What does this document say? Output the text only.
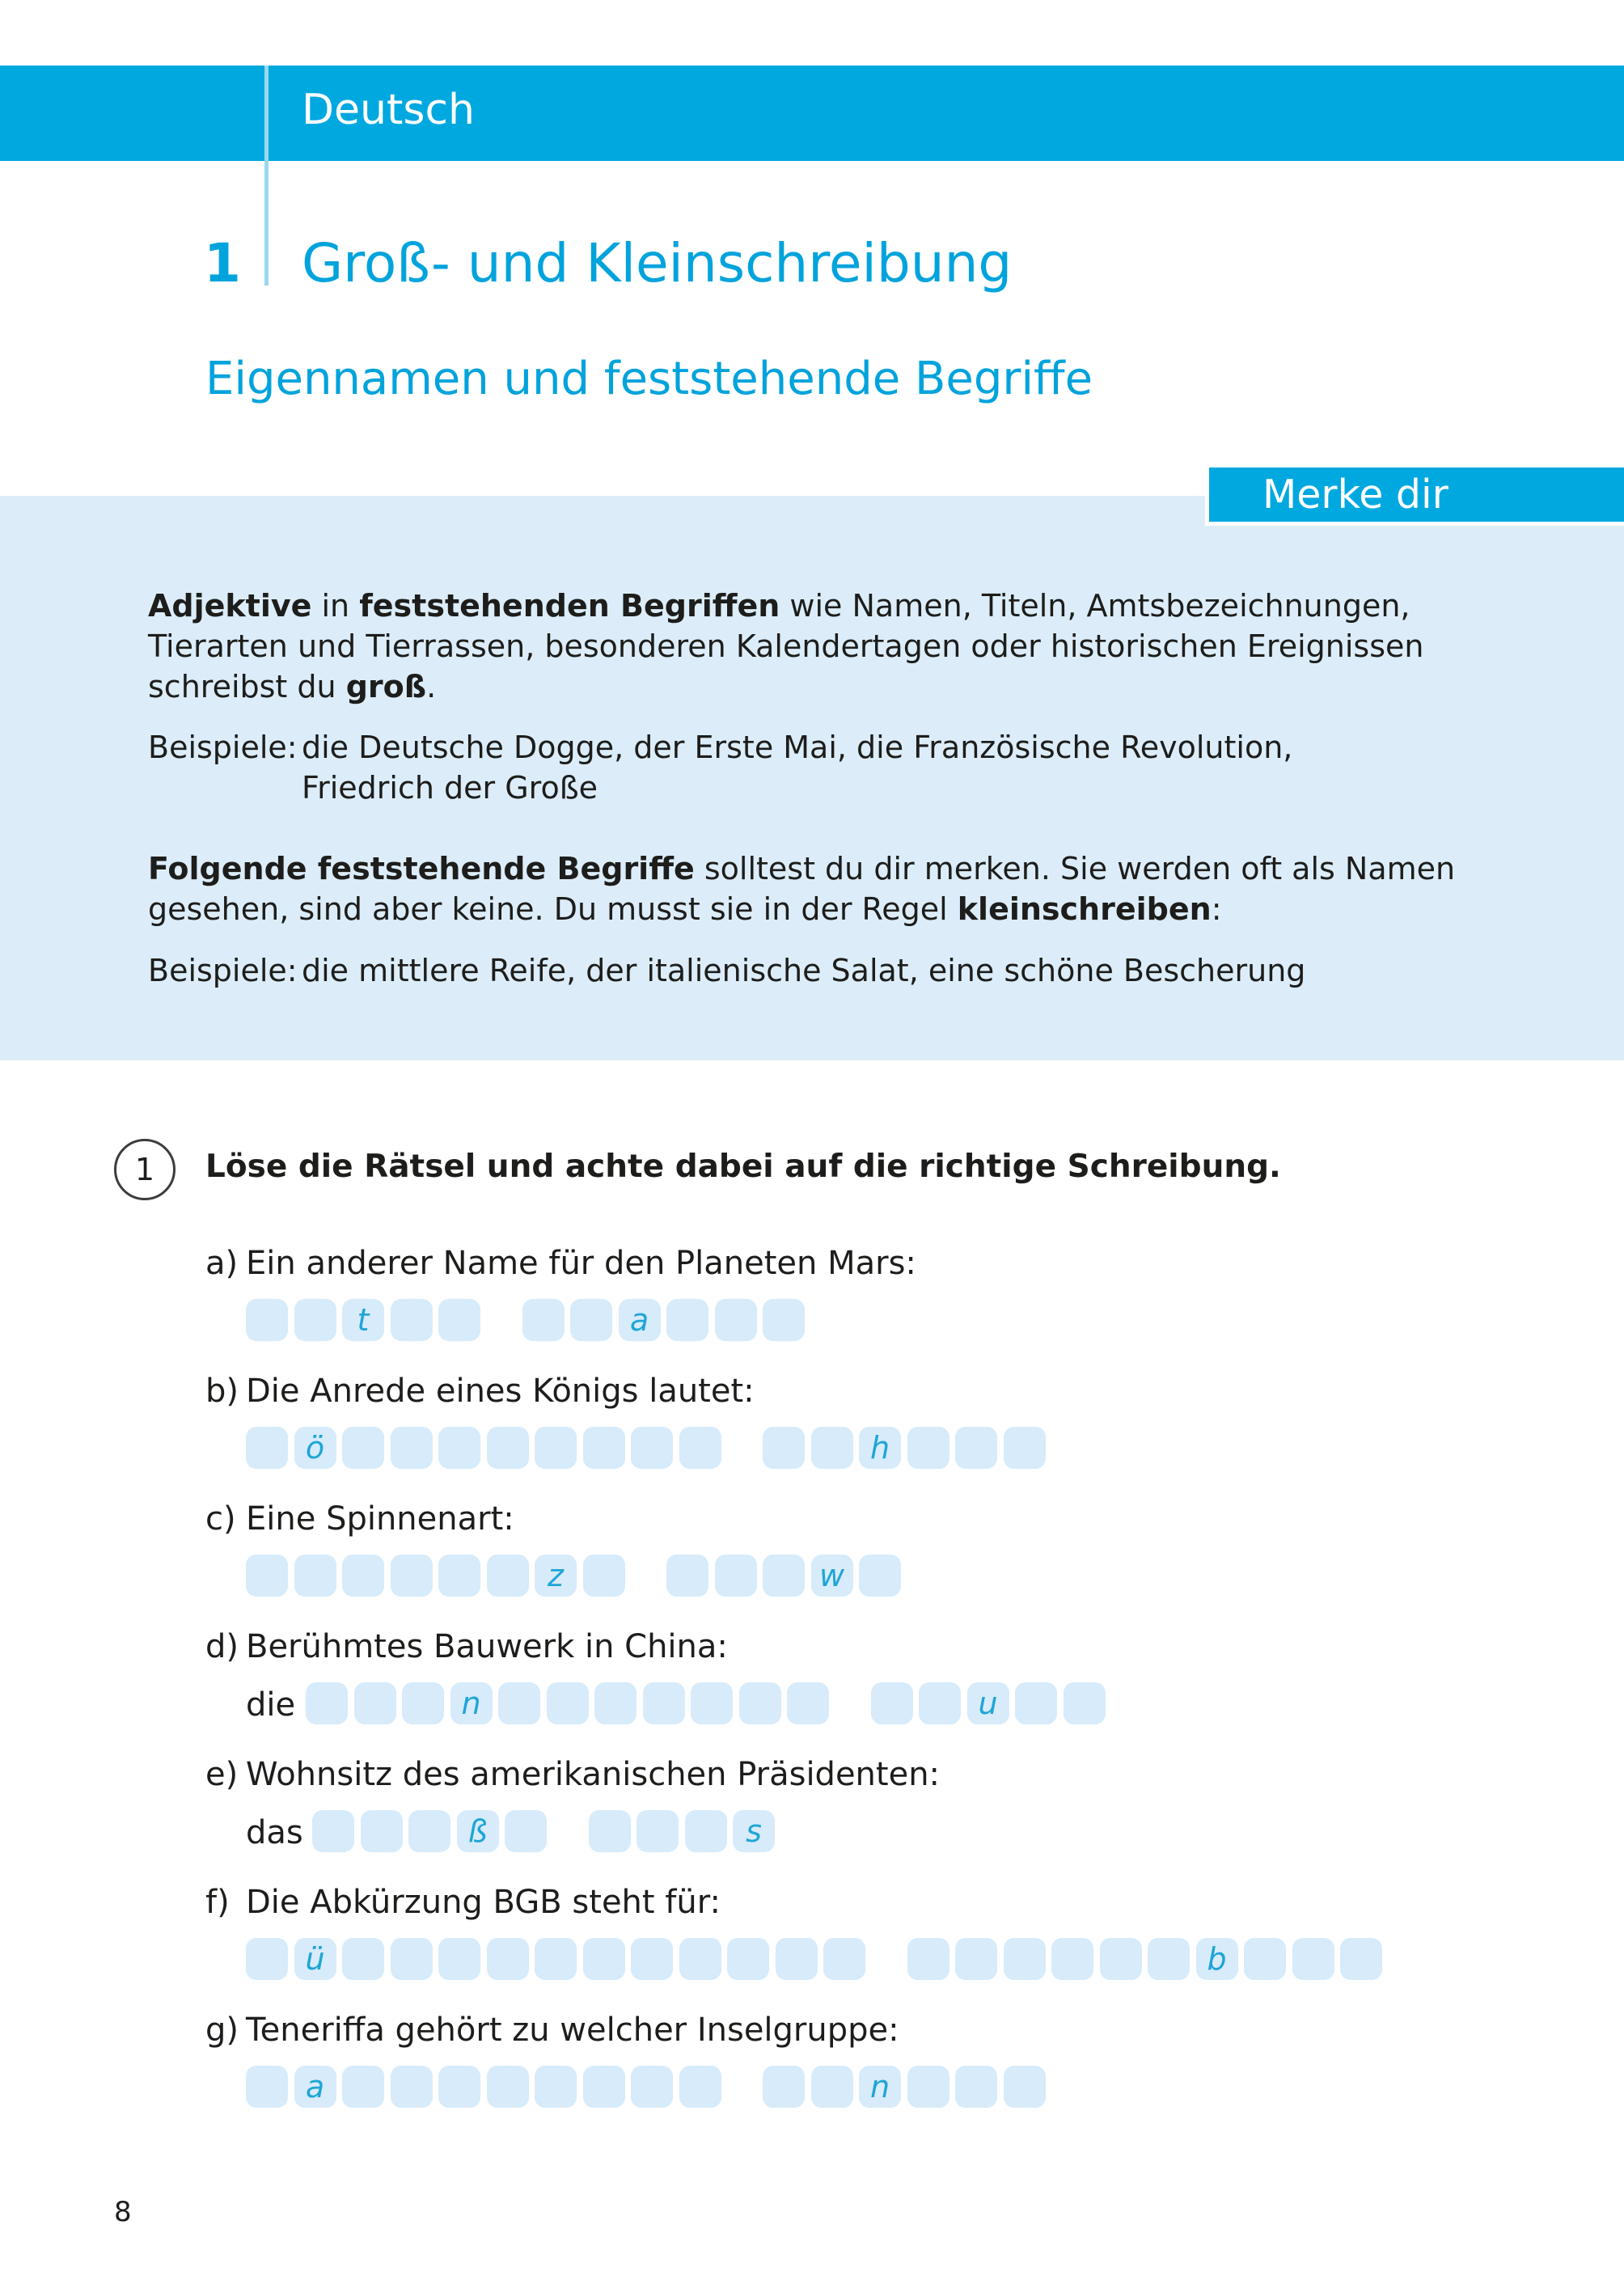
Deutsch
1 Groß- und Kleinschreibung
Eigennamen und feststehende Begriffe
Merke dir
Adjektive in feststehenden Begriffen wie Namen, Titeln, Amtsbezeichnungen, Tierarten und Tierrassen, besonderen Kalendertagen oder historischen Ereignissen schreibst du groß.
Beispiele: die Deutsche Dogge, der Erste Mai, die Französische Revolution,
Friedrich der Große
Folgende feststehende Begriffe solltest du dir merken. Sie werden oft als Namen gesehen, sind aber keine. Du musst sie in der Regel kleinschreiben:
Beispiele: die mittlere Reife, der italienische Salat, eine schöne Bescherung
1 Löse die Rätsel und achte dabei auf die richtige Schreibung.
a) Ein anderer Name für den Planeten Mars:
t	a
b) Die Anrede eines Königs lautet:
ö	h
c) Eine Spinnenart:
z	w
d) Berühmtes Bauwerk in China:
die	n	u
e) Wohnsitz des amerikanischen Präsidenten:
das	ß	s
f) Die Abkürzung BGB steht für:
ü	b
g) Teneriffa gehört zu welcher Inselgruppe:
a	n
8
